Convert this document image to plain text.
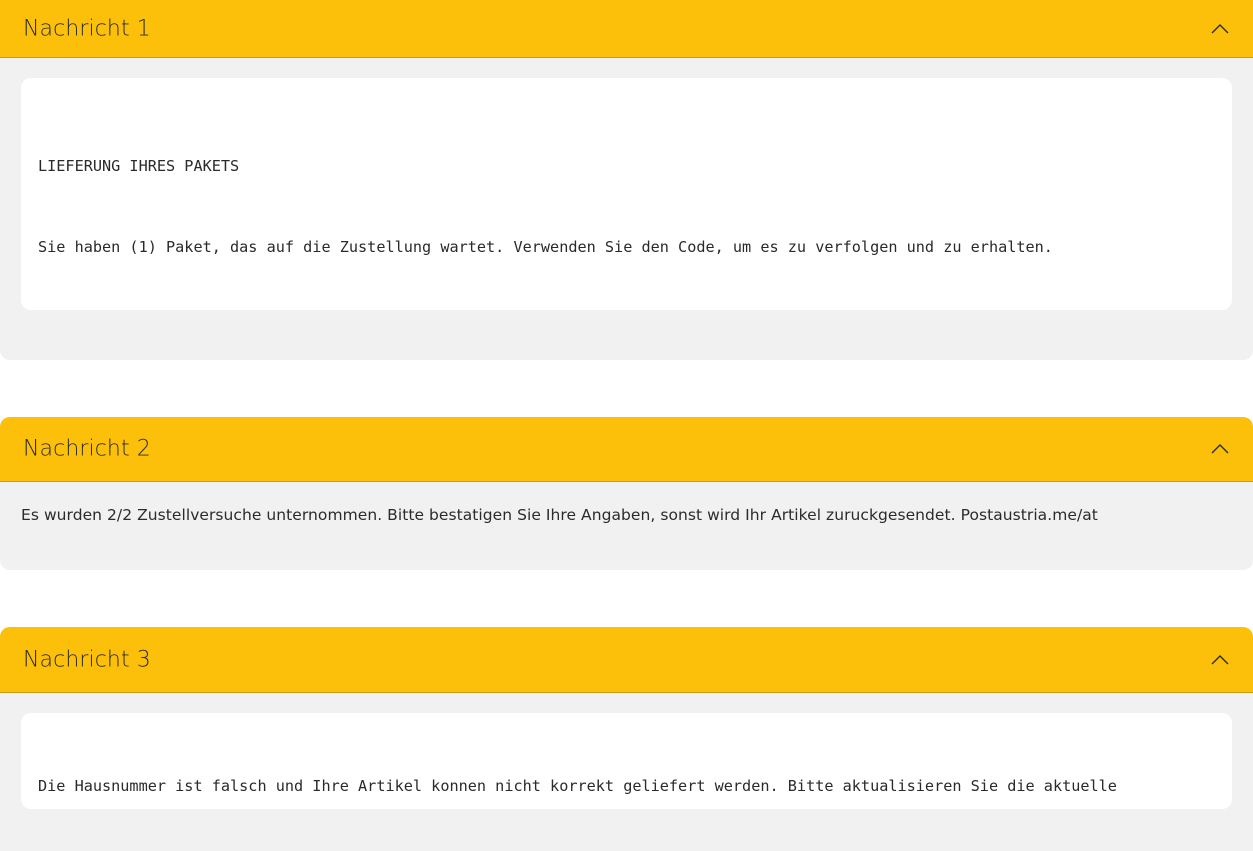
Nachricht 1

LIEFERUNG IHRES PAKETS

Sie haben (1) Paket, das auf die Zustellung wartet. Verwenden Sie den Code, um es zu verfolgen und zu erhalten.

Nachricht 2
Es wurden 2/2 Zustellversuche unternommen. Bitte bestatigen Sie Ihre Angaben, sonst wird Ihr Artikel zuruckgesendet. Postaustria.me/at
Nachricht 3

Die Hausnummer ist falsch und Ihre Artikel konnen nicht korrekt geliefert werden. Bitte aktualisieren Sie die aktuelle
